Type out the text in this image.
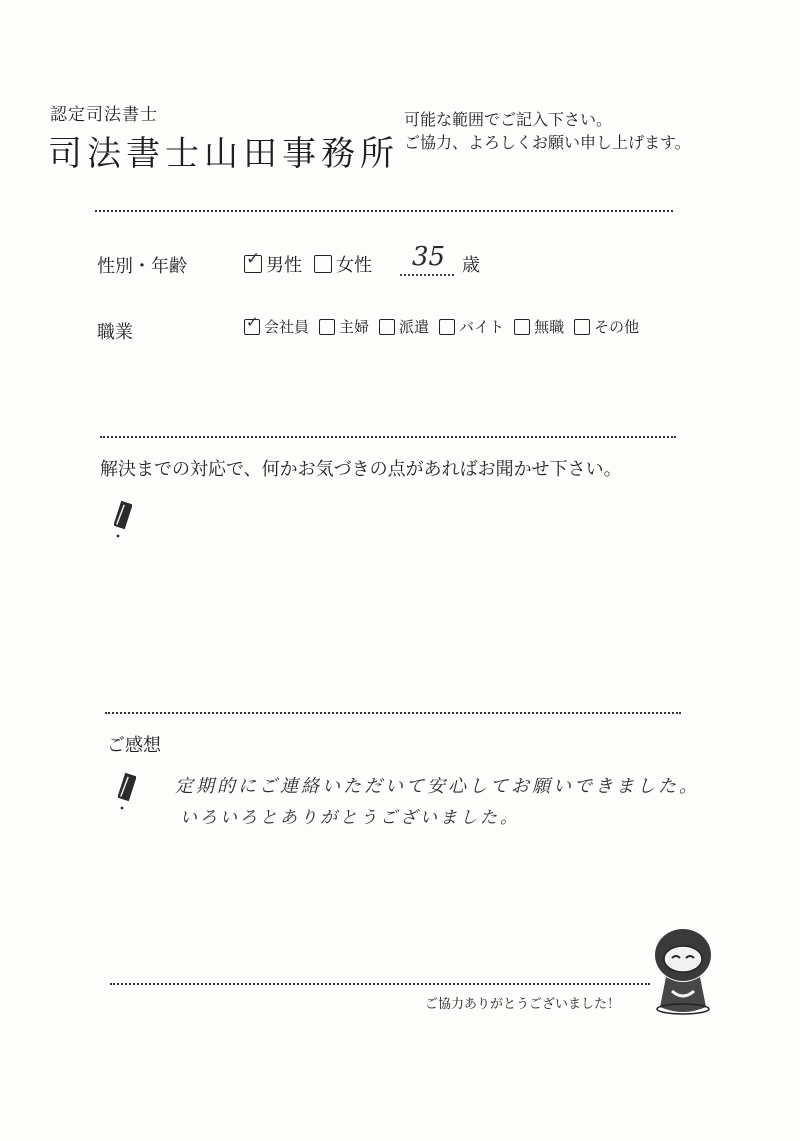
認定司法書士
司法書士山田事務所
可能な範囲でご記入下さい。
ご協力、よろしくお願い申し上げます。
性別・年齢	✓ 男性 女性 35 歳
職業
✓ 会社員 主婦 派遣 バイト 無職 その他
解決までの対応で、何かお気づきの点があればお聞かせ下さい。
ご感想
定期的にご連絡いただいて安心してお願いできました。
いろいろとありがとうございました。
ご協力ありがとうございました！
